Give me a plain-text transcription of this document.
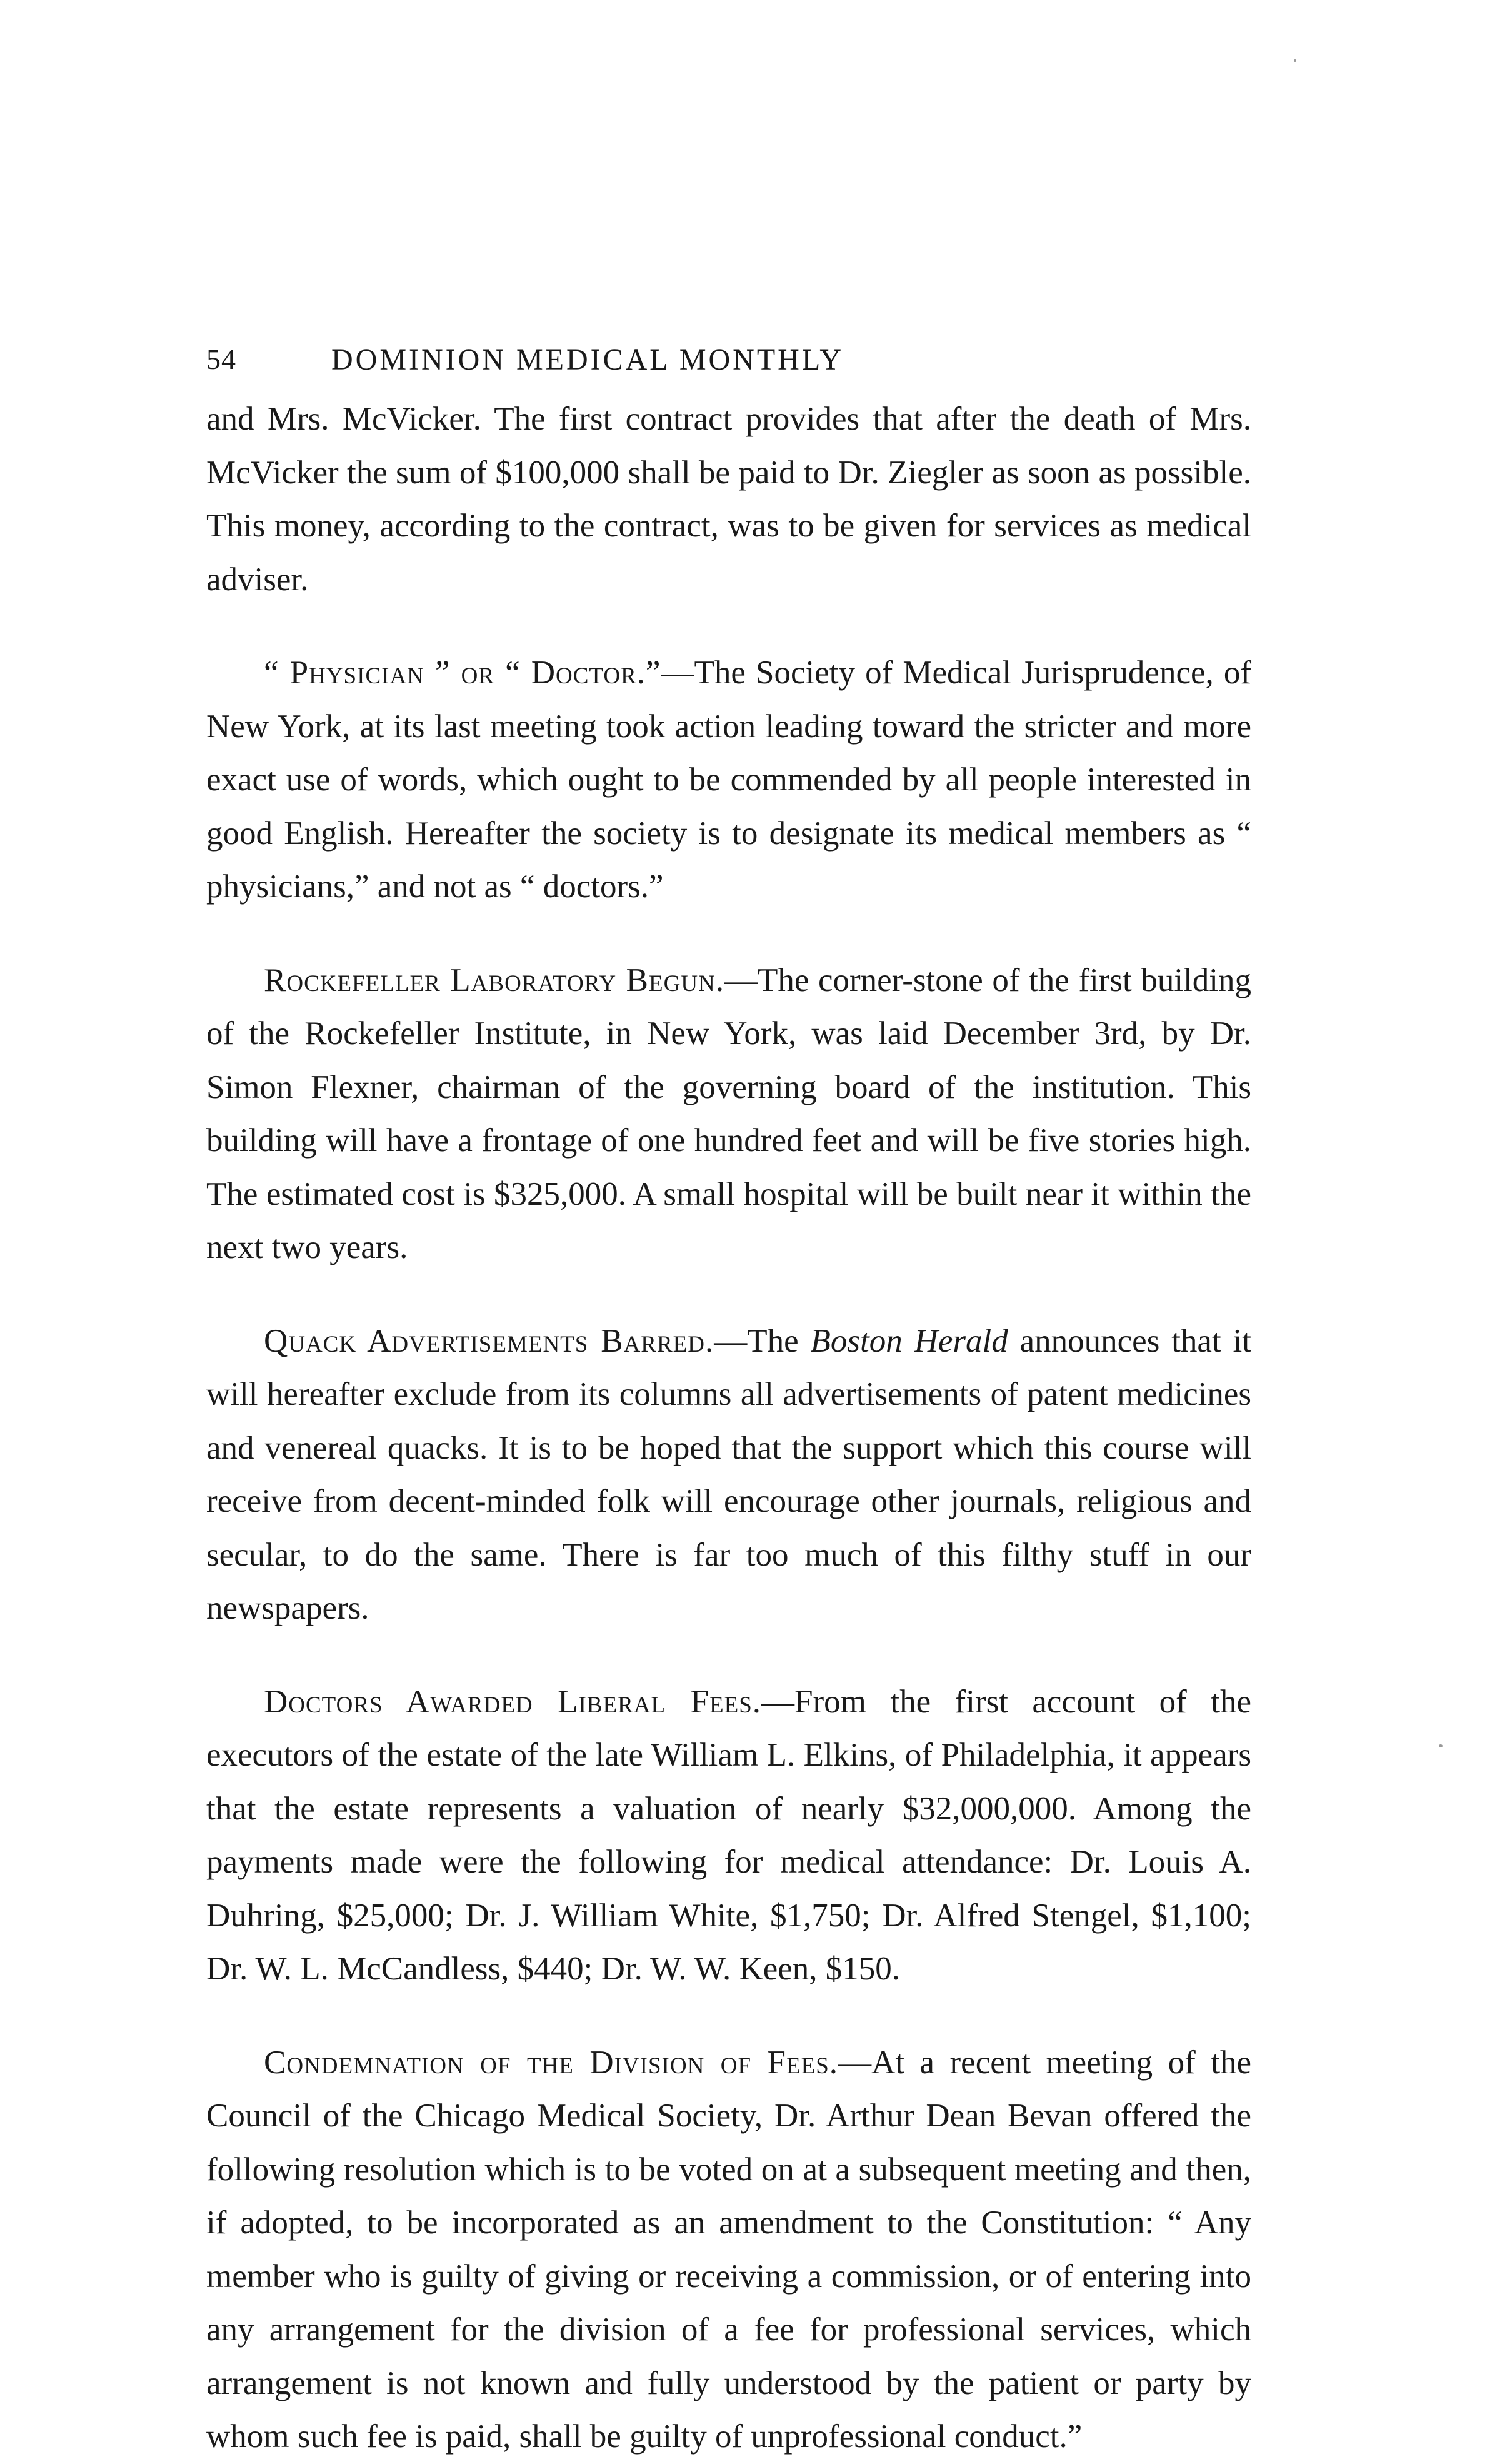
54	DOMINION MEDICAL MONTHLY

and Mrs. McVicker. The first contract provides that after the death of Mrs. McVicker the sum of $100,000 shall be paid to Dr. Ziegler as soon as possible. This money, according to the contract, was to be given for services as medical adviser.

“ Physician ” or “ Doctor.”—The Society of Medical Jurisprudence, of New York, at its last meeting took action leading toward the stricter and more exact use of words, which ought to be commended by all people interested in good English. Hereafter the society is to designate its medical members as “ physicians,” and not as “ doctors.”

Rockefeller Laboratory Begun.—The corner-stone of the first building of the Rockefeller Institute, in New York, was laid December 3rd, by Dr. Simon Flexner, chairman of the governing board of the institution. This building will have a frontage of one hundred feet and will be five stories high. The estimated cost is $325,000. A small hospital will be built near it within the next two years.

Quack Advertisements Barred.—The Boston Herald announces that it will hereafter exclude from its columns all advertisements of patent medicines and venereal quacks. It is to be hoped that the support which this course will receive from decent-minded folk will encourage other journals, religious and secular, to do the same. There is far too much of this filthy stuff in our newspapers.

Doctors Awarded Liberal Fees.—From the first account of the executors of the estate of the late William L. Elkins, of Philadelphia, it appears that the estate represents a valuation of nearly $32,000,000. Among the payments made were the following for medical attendance: Dr. Louis A. Duhring, $25,000; Dr. J. William White, $1,750; Dr. Alfred Stengel, $1,100; Dr. W. L. McCandless, $440; Dr. W. W. Keen, $150.

Condemnation of the Division of Fees.—At a recent meeting of the Council of the Chicago Medical Society, Dr. Arthur Dean Bevan offered the following resolution which is to be voted on at a subsequent meeting and then, if adopted, to be incorporated as an amendment to the Constitution: “ Any member who is guilty of giving or receiving a commission, or of entering into any arrangement for the division of a fee for professional services, which arrangement is not known and fully understood by the patient or party by whom such fee is paid, shall be guilty of unprofessional conduct.”
